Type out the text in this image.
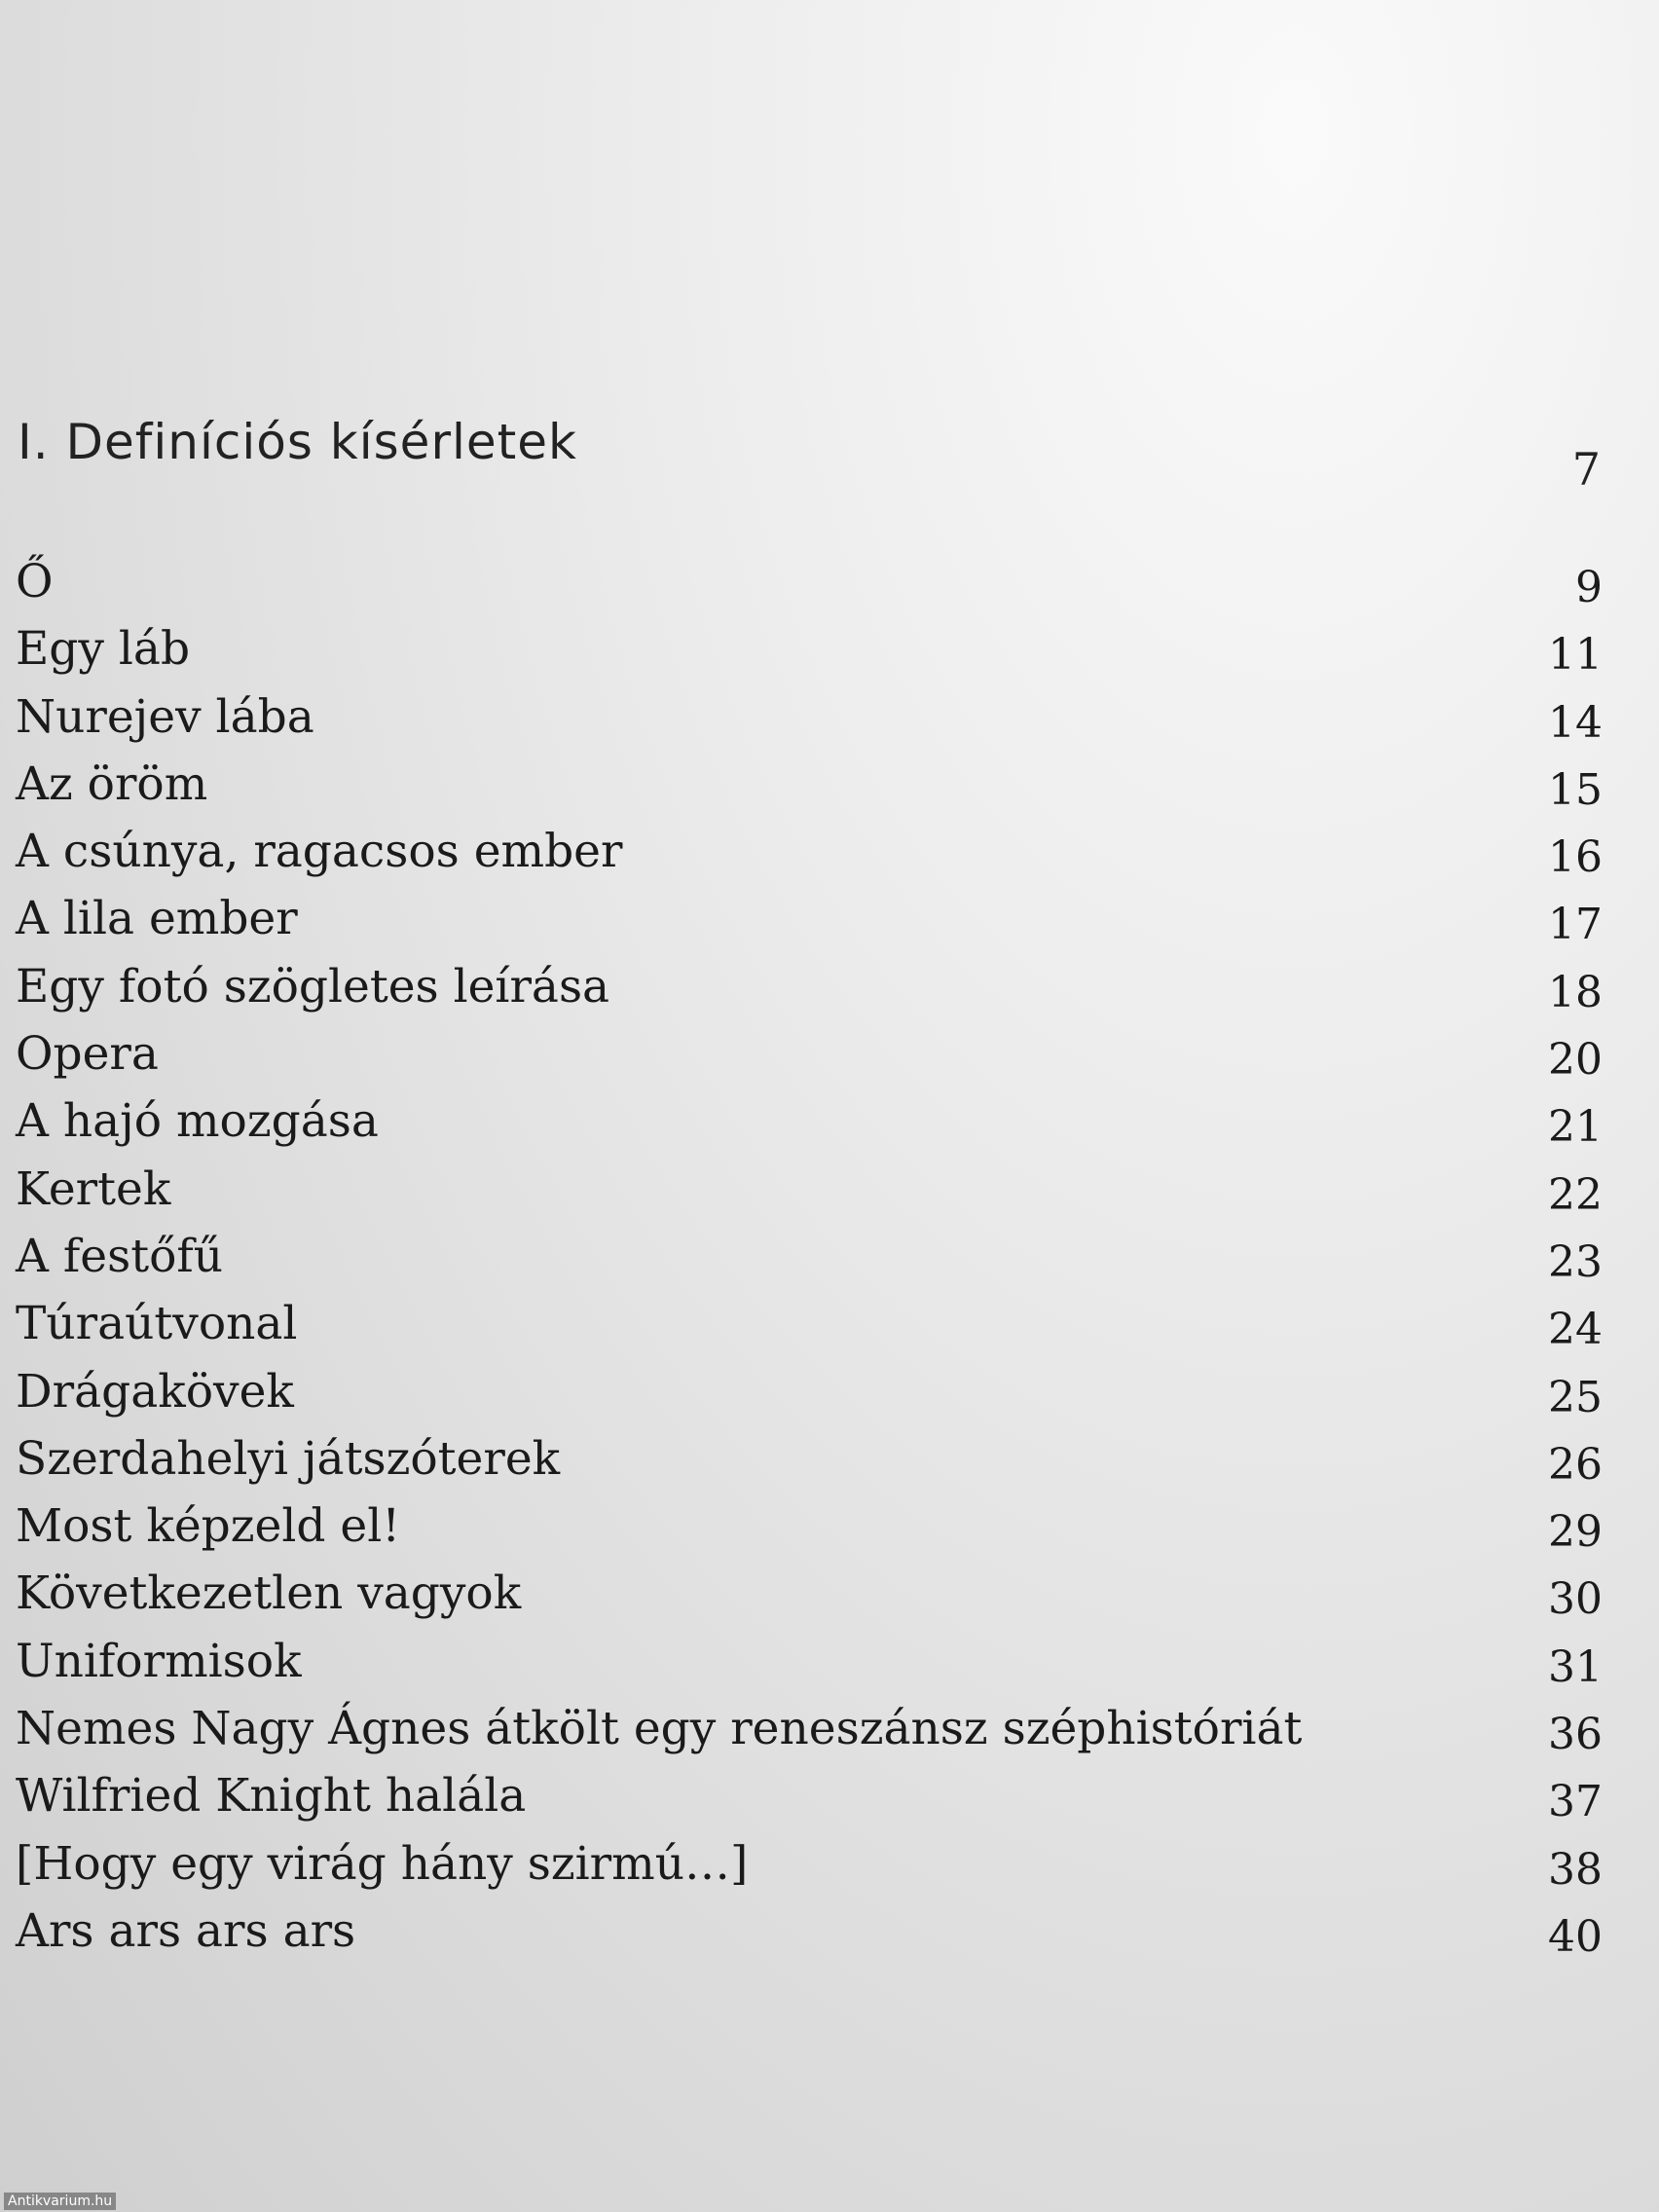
I. Definíciós kísérletek	7
Ő	9
Egy láb	11
Nurejev lába	14
Az öröm	15
A csúnya, ragacsos ember	16
A lila ember	17
Egy fotó szögletes leírása	18
Opera	20
A hajó mozgása	21
Kertek	22
A festőfű	23
Túraútvonal	24
Drágakövek	25
Szerdahelyi játszóterek	26
Most képzeld el!	29
Következetlen vagyok	30
Uniformisok	31
Nemes Nagy Ágnes átkölt egy reneszánsz széphistóriát	36
Wilfried Knight halála	37
[Hogy egy virág hány szirmú…]	38
Ars ars ars ars	40
Antikvarium.hu
